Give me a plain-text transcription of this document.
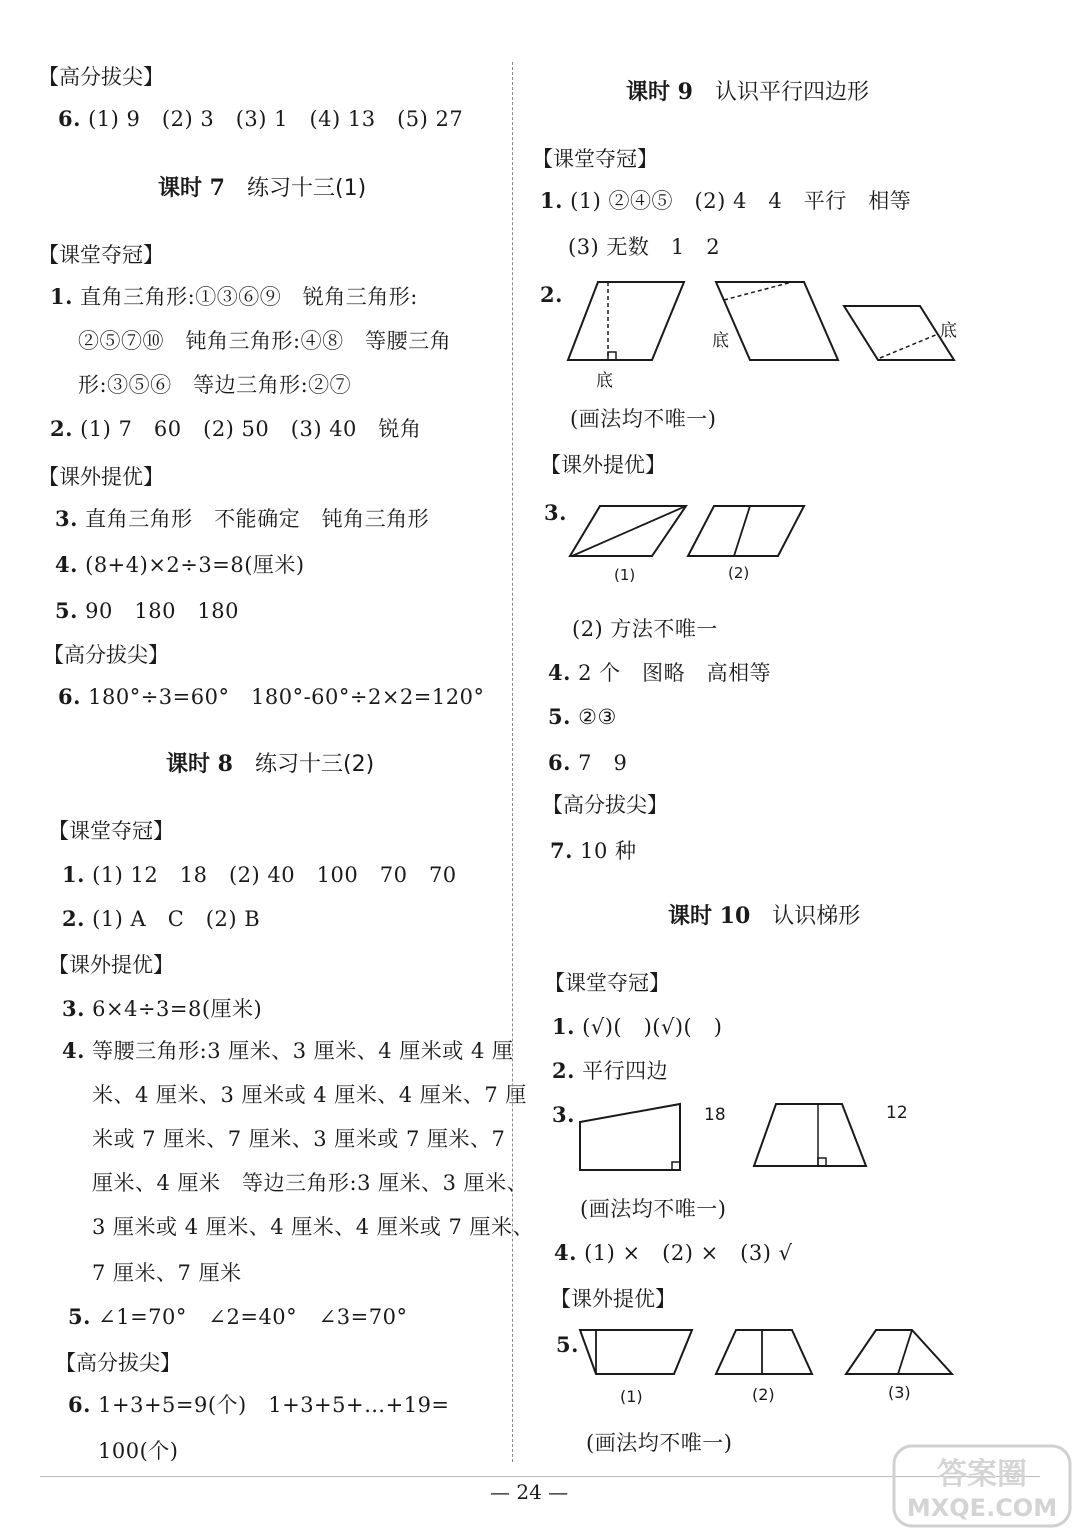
【高分拔尖】
6. (1) 9　(2) 3　(3) 1　(4) 13　(5) 27
课时 7　 练习十三(1)
【课堂夺冠】
1. 直角三角形:①③⑥⑨　锐角三角形:
②⑤⑦⑩　钝角三角形:④⑧　等腰三角
形:③⑤⑥　等边三角形:②⑦
2. (1) 7　60　(2) 50　(3) 40　锐角
【课外提优】
3. 直角三角形　不能确定　钝角三角形
4. (8+4)×2÷3=8(厘米)
5. 90　180　180
【高分拔尖】
6. 180°÷3=60°　180°-60°÷2×2=120°
课时 8　 练习十三(2)
【课堂夺冠】
1. (1) 12　18　(2) 40　100　70　70
2. (1) A　C　(2) B
【课外提优】
3. 6×4÷3=8(厘米)
4. 等腰三角形:3 厘米、3 厘米、4 厘米或 4 厘
米、4 厘米、3 厘米或 4 厘米、4 厘米、7 厘
米或 7 厘米、7 厘米、3 厘米或 7 厘米、7
厘米、4 厘米　等边三角形:3 厘米、3 厘米、
3 厘米或 4 厘米、4 厘米、4 厘米或 7 厘米、
7 厘米、7 厘米
5. ∠1=70°　∠2=40°　∠3=70°
【高分拔尖】
6. 1+3+5=9(个)　1+3+5+…+19=
100(个)
课时 9　 认识平行四边形
【课堂夺冠】
1. (1) ②④⑤　(2) 4　4　平行　相等
(3) 无数　1　2
2.
底
底	底
(画法均不唯一)
【课外提优】
3.
(1)	(2)
(2) 方法不唯一
4. 2 个　图略　高相等
5. ②③
6. 7　9
【高分拔尖】
7. 10 种
课时 10　 认识梯形
【课堂夺冠】
1. (√)(　)(√)(　)
2. 平行四边
3.	18	12
(画法均不唯一)
4. (1) ×　(2) ×　(3) √
【课外提优】
5.
(1)	(2)	(3)
(画法均不唯一)
— 24 —	答案圈
MXQE.COM
